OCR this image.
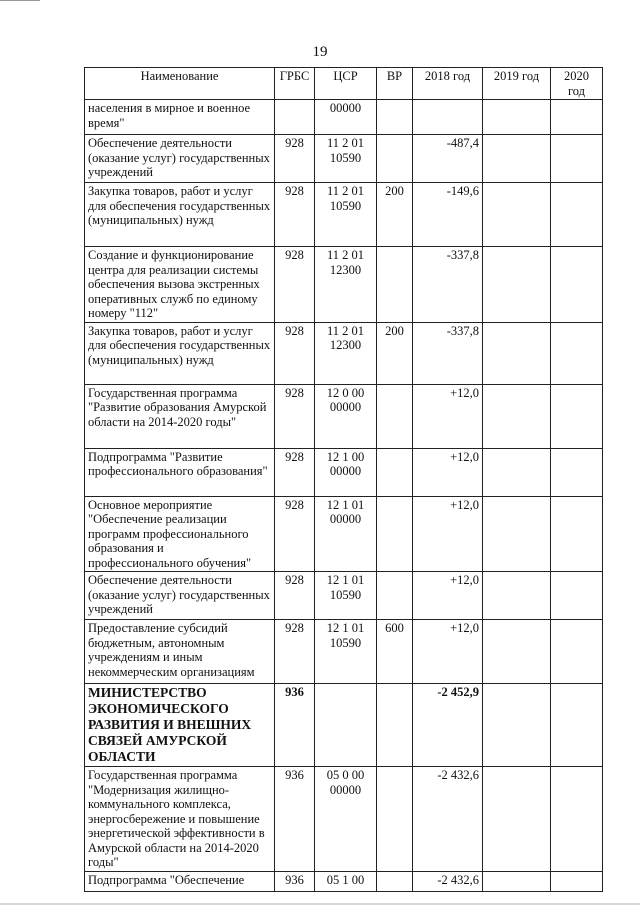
19
Наименование	ГРБС	ЦСР	ВР	2018 год	2019 год	2020 год
населения в мирное и военное время"		00000				
Обеспечение деятельности (оказание услуг) государственных учреждений	928	11 2 01 10590		-487,4		
Закупка товаров, работ и услуг для обеспечения государственных (муниципальных) нужд	928	11 2 01 10590	200	-149,6		
Создание и функционирование центра для реализации системы обеспечения вызова экстренных оперативных служб по единому номеру "112"	928	11 2 01 12300		-337,8		
Закупка товаров, работ и услуг для обеспечения государственных (муниципальных) нужд	928	11 2 01 12300	200	-337,8		
Государственная программа "Развитие образования Амурской области на 2014-2020 годы"	928	12 0 00 00000		+12,0		
Подпрограмма "Развитие профессионального образования"	928	12 1 00 00000		+12,0		
Основное мероприятие "Обеспечение реализации программ профессионального образования и профессионального обучения"	928	12 1 01 00000		+12,0		
Обеспечение деятельности (оказание услуг) государственных учреждений	928	12 1 01 10590		+12,0		
Предоставление субсидий бюджетным, автономным учреждениям и иным некоммерческим организациям	928	12 1 01 10590	600	+12,0		
МИНИСТЕРСТВО ЭКОНОМИЧЕСКОГО РАЗВИТИЯ И ВНЕШНИХ СВЯЗЕЙ АМУРСКОЙ ОБЛАСТИ	936			-2 452,9		
Государственная программа "Модернизация жилищно-коммунального комплекса, энергосбережение и повышение энергетической эффективности в Амурской области на 2014-2020 годы"	936	05 0 00 00000		-2 432,6		
Подпрограмма "Обеспечение	936	05 1 00		-2 432,6		
